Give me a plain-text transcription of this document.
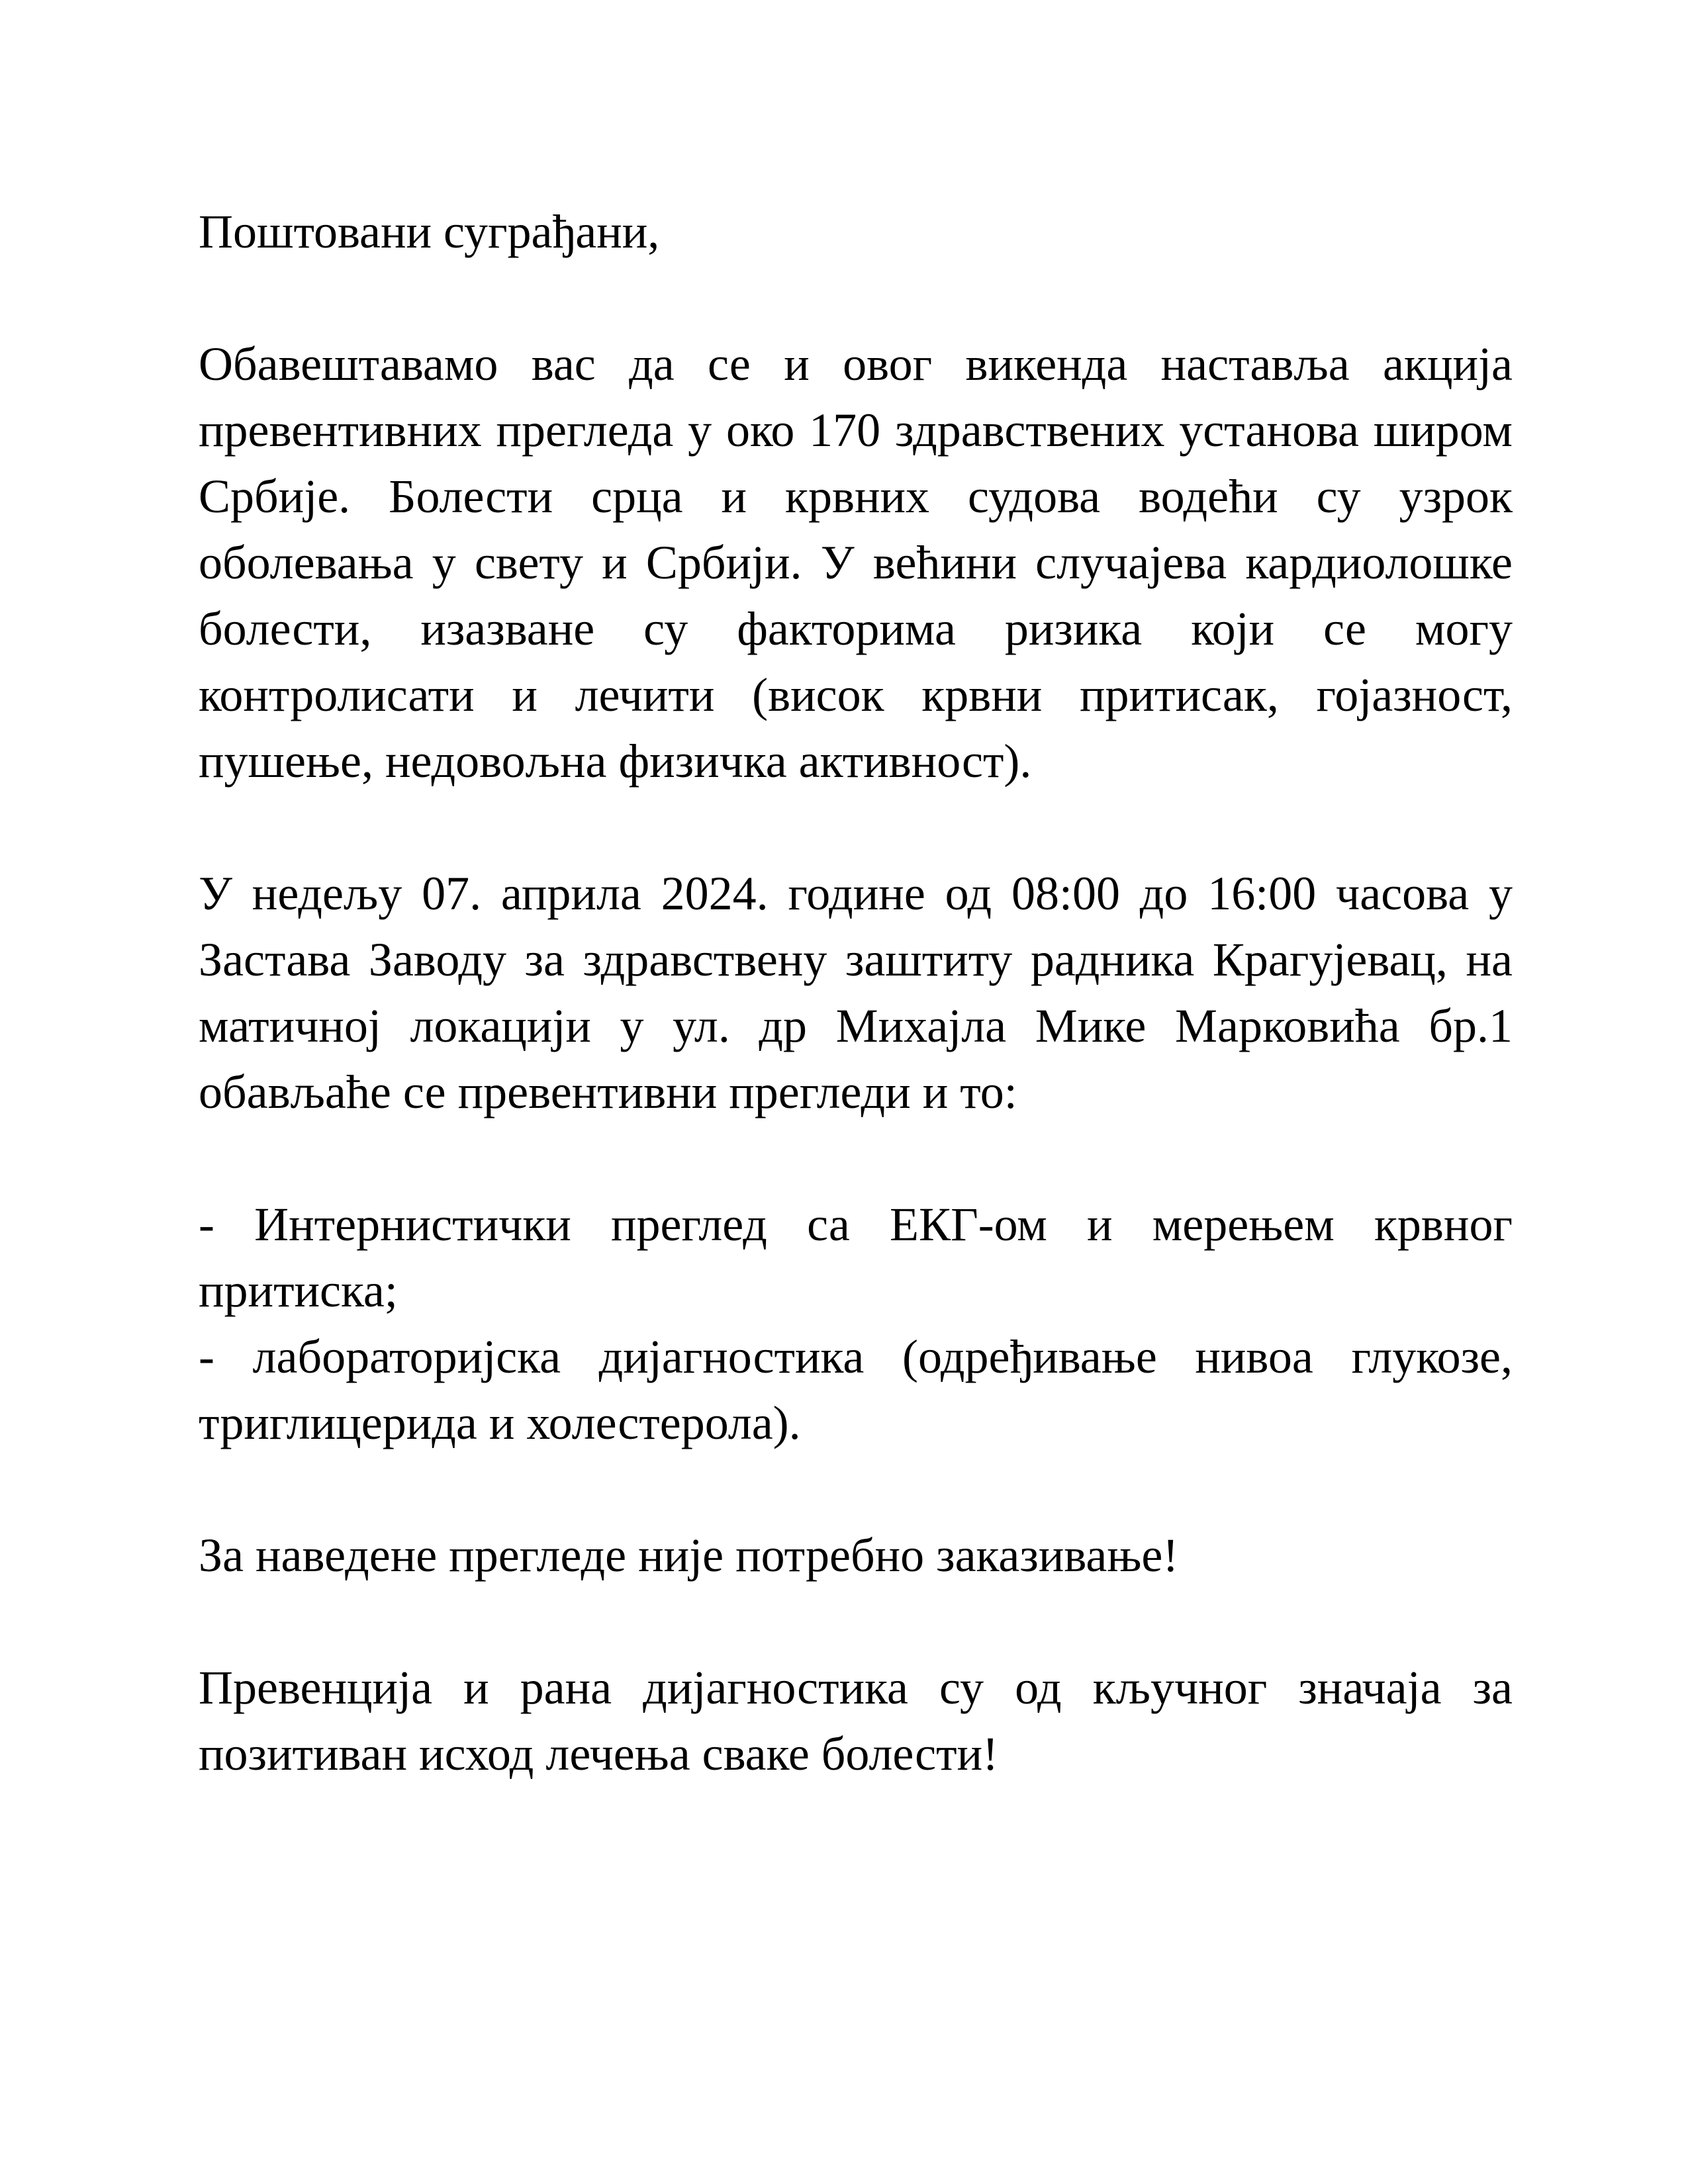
Поштовани суграђани,

Обавештавамо вас да се и овог викенда наставља акција превентивних прегледа у око 170 здравствених установа широм Србије. Болести срца и крвних судова водећи су узрок оболевања у свету и Србији. У већини случајева кардиолошке болести, изазване су факторима ризика који се могу контролисати и лечити (висок крвни притисак, гојазност, пушење, недовољна физичка активност).

У недељу 07. априла 2024. године од 08:00 до 16:00 часова у Застава Заводу за здравствену заштиту радника Крагујевац, на матичној локацији у ул. др Михајла Мике Марковића бр.1 обављаће се превентивни прегледи и то:

- Интернистички преглед са ЕКГ-ом и мерењем крвног притиска;

- лабораторијска дијагностика (одређивање нивоа глукозе, триглицерида и холестерола).

За наведене прегледе није потребно заказивање!

Превенција и рана дијагностика су од кључног значаја за позитиван исход лечења сваке болести!
